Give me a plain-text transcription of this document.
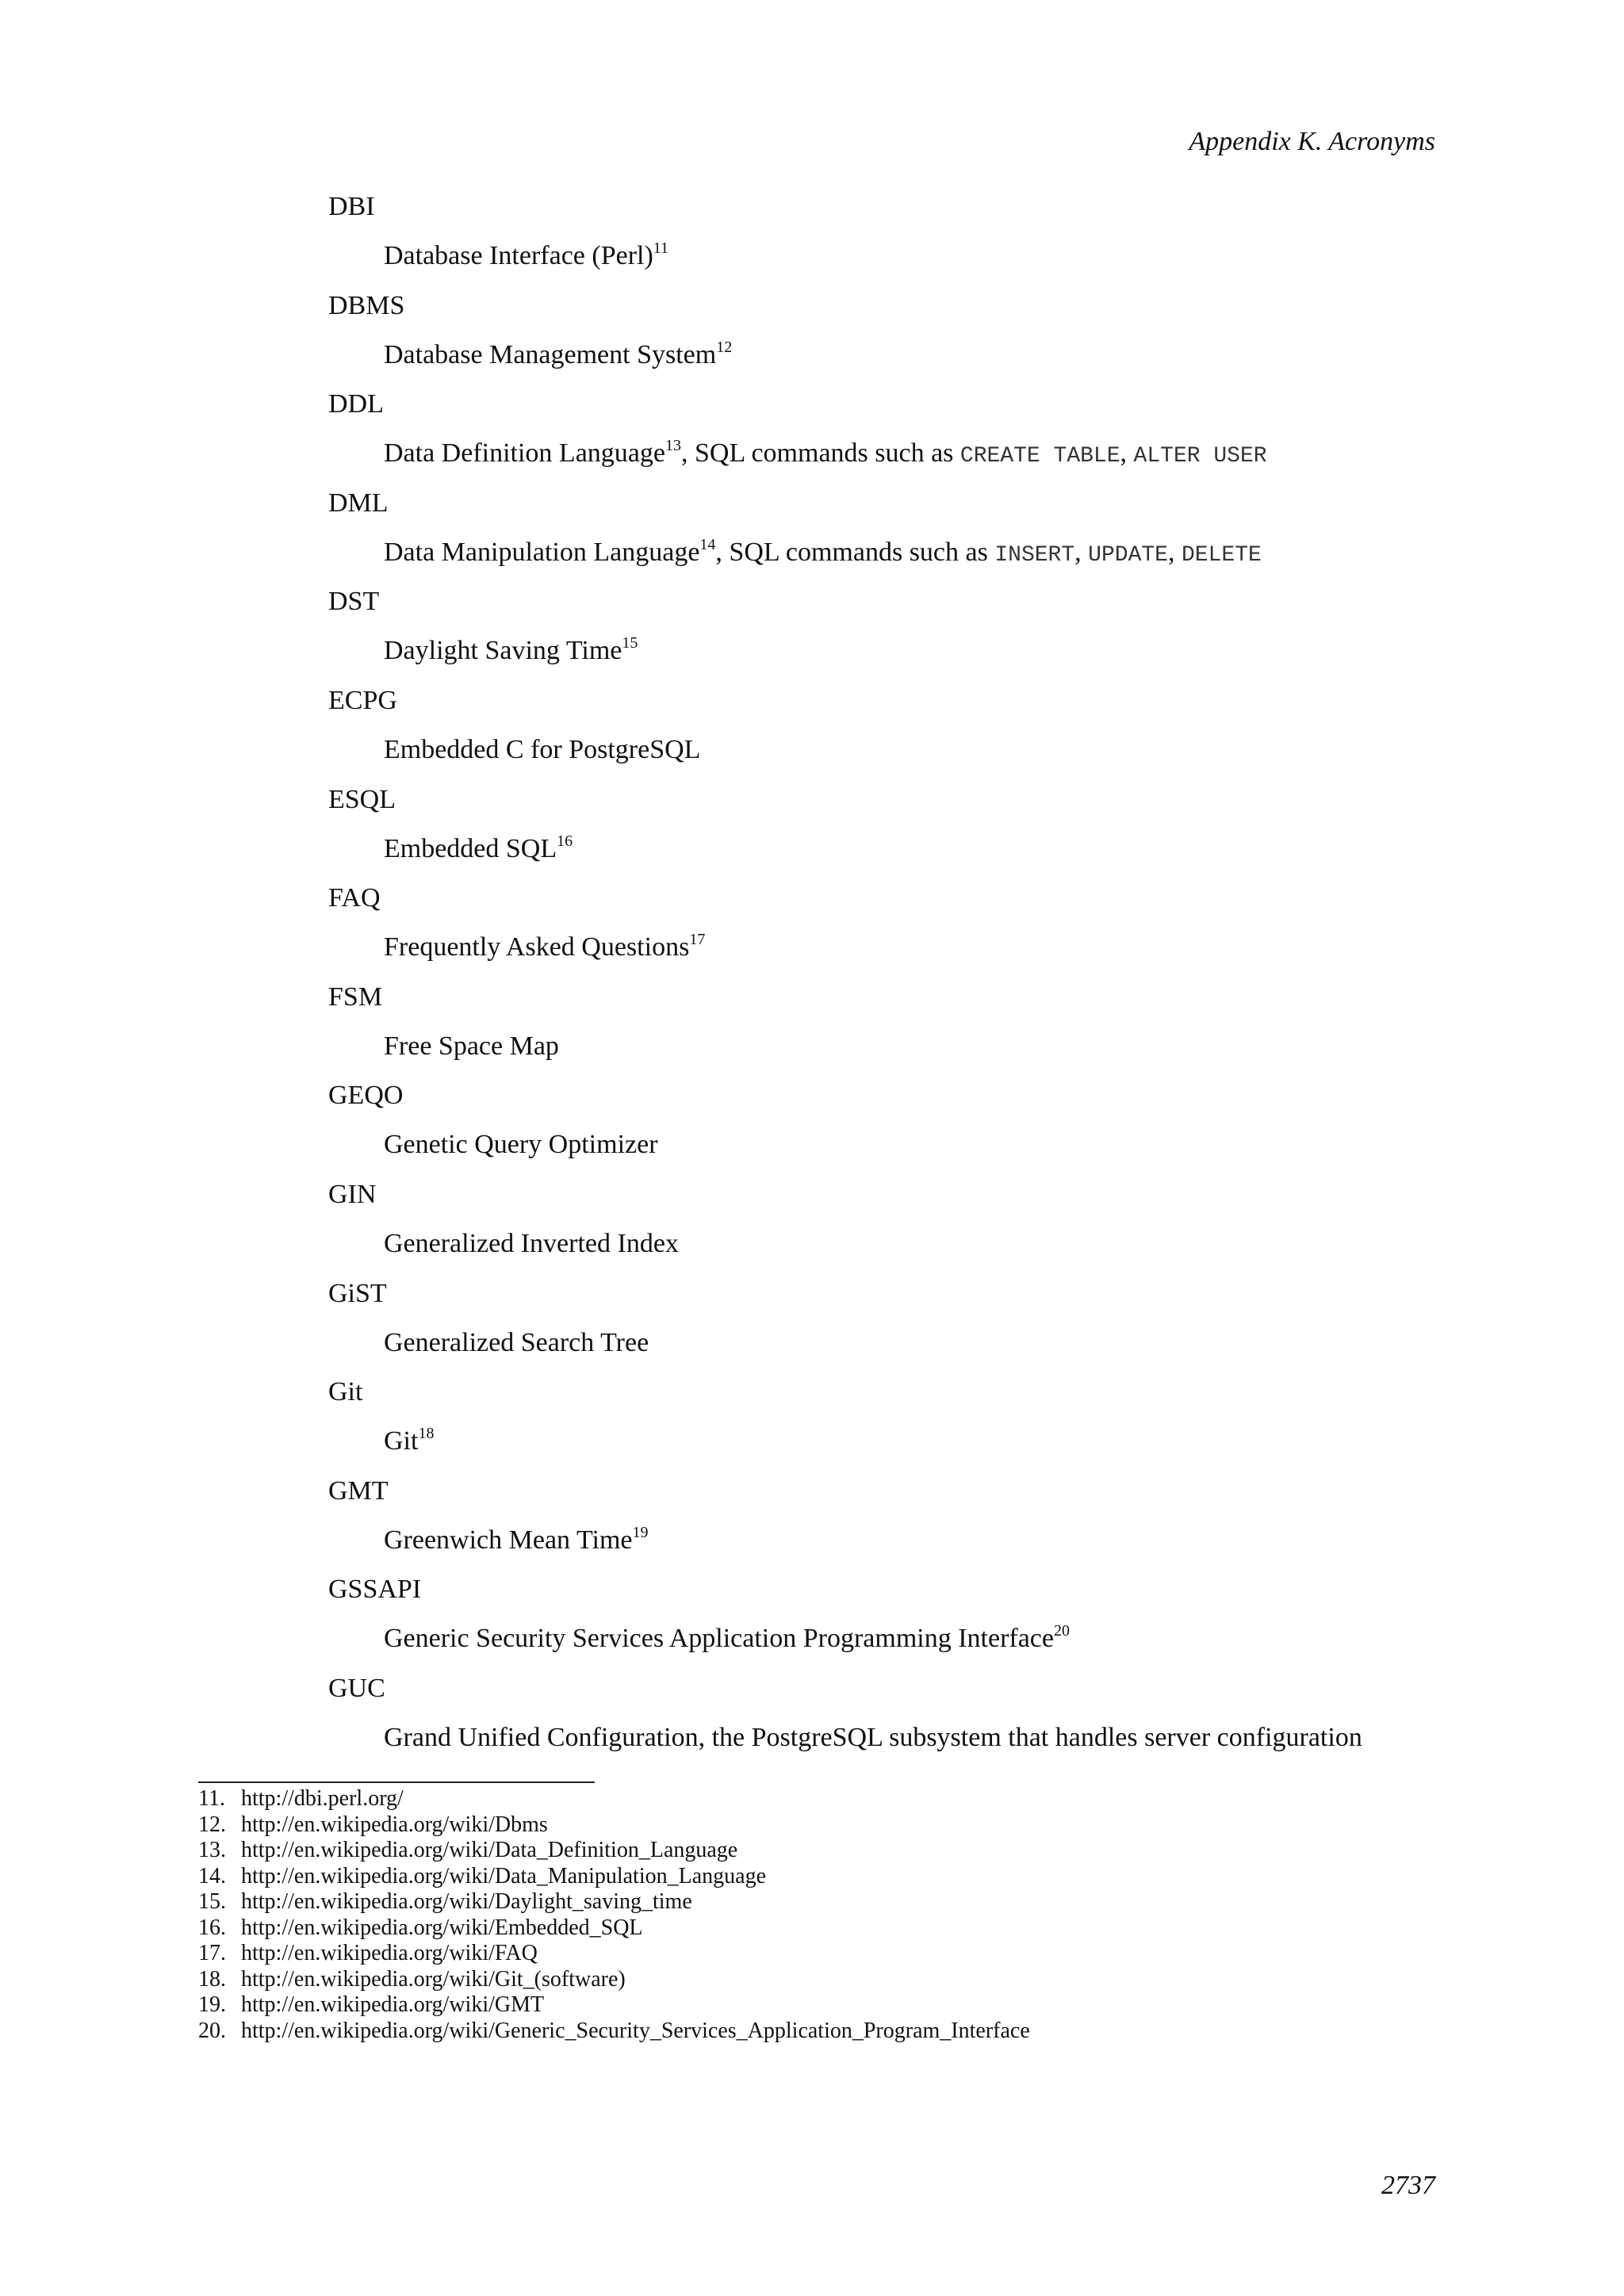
Appendix K. Acronyms
DBI
Database Interface (Perl)$^{11}$
DBMS
Database Management System$^{12}$
DDL
Data Definition Language$^{13}$, SQL commands such as CREATE TABLE, ALTER USER
DML
Data Manipulation Language$^{14}$, SQL commands such as INSERT, UPDATE, DELETE
DST
Daylight Saving Time$^{15}$
ECPG
Embedded C for PostgreSQL
ESQL
Embedded SQL$^{16}$
FAQ
Frequently Asked Questions$^{17}$
FSM
Free Space Map
GEQO
Genetic Query Optimizer
GIN
Generalized Inverted Index
GiST
Generalized Search Tree
Git
Git$^{18}$
GMT
Greenwich Mean Time$^{19}$
GSSAPI
Generic Security Services Application Programming Interface$^{20}$
GUC
Grand Unified Configuration, the PostgreSQL subsystem that handles server configuration
11. http://dbi.perl.org/
12. http://en.wikipedia.org/wiki/Dbms
13. http://en.wikipedia.org/wiki/Data_Definition_Language
14. http://en.wikipedia.org/wiki/Data_Manipulation_Language
15. http://en.wikipedia.org/wiki/Daylight_saving_time
16. http://en.wikipedia.org/wiki/Embedded_SQL
17. http://en.wikipedia.org/wiki/FAQ
18. http://en.wikipedia.org/wiki/Git_(software)
19. http://en.wikipedia.org/wiki/GMT
20. http://en.wikipedia.org/wiki/Generic_Security_Services_Application_Program_Interface
2737
